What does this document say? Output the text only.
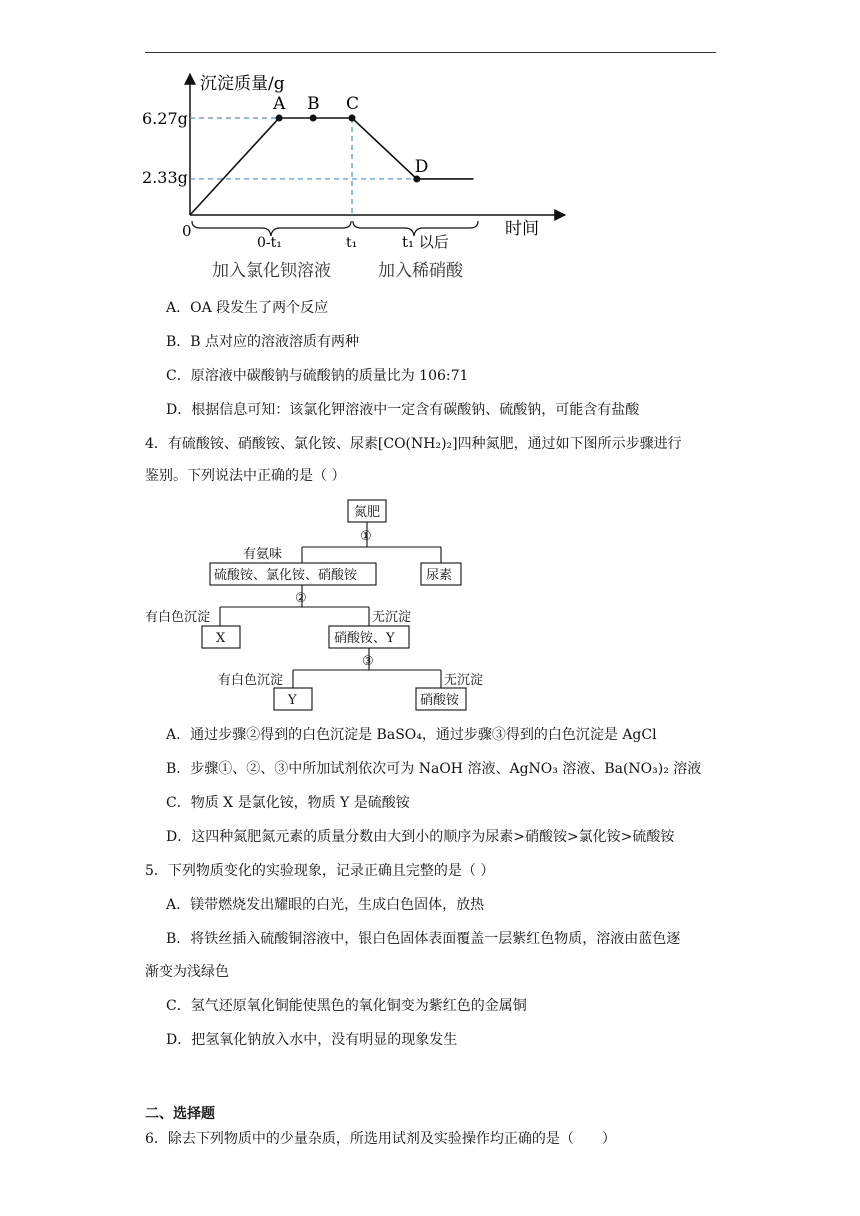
沉淀质量/g
时间
0
6.27g
2.33g
A B C
D
0-t₁	t₁	t₁ 以后
加入氯化钡溶液	加入稀硝酸
A．OA 段发生了两个反应
B．B 点对应的溶液溶质有两种
C．原溶液中碳酸钠与硫酸钠的质量比为 106:71
D．根据信息可知：该氯化钾溶液中一定含有碳酸钠、硫酸钠，可能含有盐酸
4．有硫酸铵、硝酸铵、氯化铵、尿素[CO(NH₂)₂]四种氮肥，通过如下图所示步骤进行
鉴别。下列说法中正确的是（ ）
氮肥
①
有氨味
硫酸铵、氯化铵、硝酸铵	尿素
②
有白色沉淀	无沉淀
X	硝酸铵、Y
③
有白色沉淀	无沉淀
Y	硝酸铵
A．通过步骤②得到的白色沉淀是 BaSO₄，通过步骤③得到的白色沉淀是 AgCl
B．步骤①、②、③中所加试剂依次可为 NaOH 溶液、AgNO₃ 溶液、Ba(NO₃)₂ 溶液
C．物质 X 是氯化铵，物质 Y 是硫酸铵
D．这四种氮肥氮元素的质量分数由大到小的顺序为尿素>硝酸铵>氯化铵>硫酸铵
5．下列物质变化的实验现象，记录正确且完整的是（ ）
A．镁带燃烧发出耀眼的白光，生成白色固体，放热
B．将铁丝插入硫酸铜溶液中，银白色固体表面覆盖一层紫红色物质，溶液由蓝色逐
渐变为浅绿色
C．氢气还原氧化铜能使黑色的氧化铜变为紫红色的金属铜
D．把氢氧化钠放入水中，没有明显的现象发生
二、选择题
6．除去下列物质中的少量杂质，所选用试剂及实验操作均正确的是（　　）
